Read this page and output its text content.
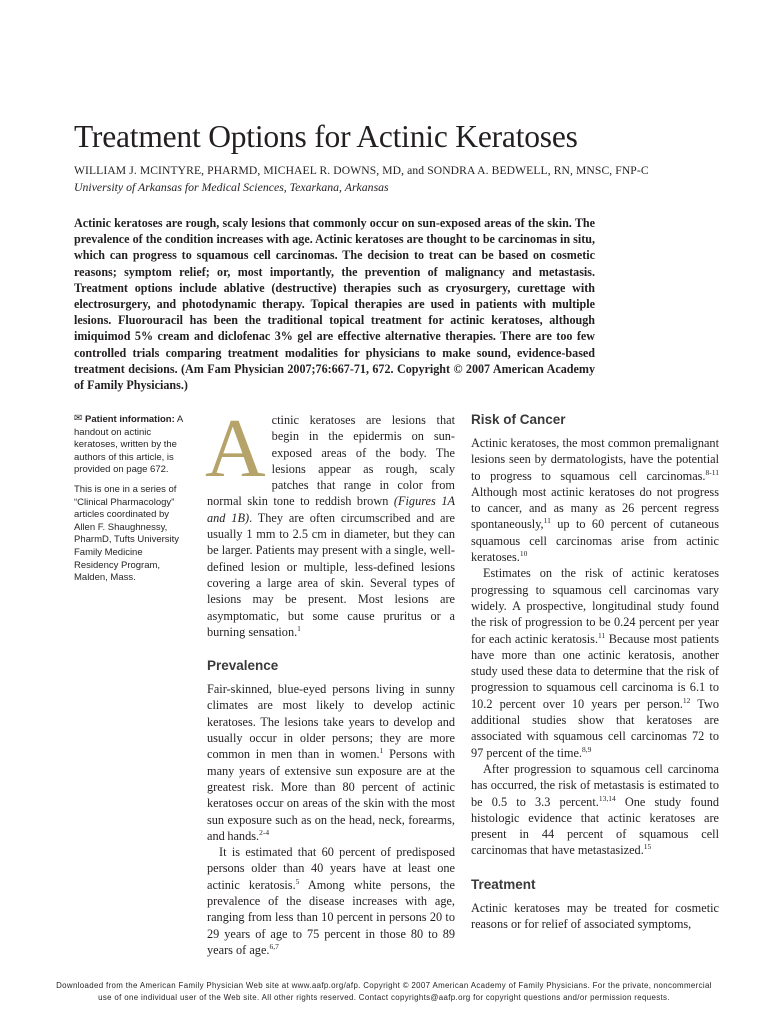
Treatment Options for Actinic Keratoses
WILLIAM J. MCINTYRE, PHARMD, MICHAEL R. DOWNS, MD, and SONDRA A. BEDWELL, RN, MNSC, FNP-C
University of Arkansas for Medical Sciences, Texarkana, Arkansas

Actinic keratoses are rough, scaly lesions that commonly occur on sun-exposed areas of the skin. The prevalence of the condition increases with age. Actinic keratoses are thought to be carcinomas in situ, which can progress to squamous cell carcinomas. The decision to treat can be based on cosmetic reasons; symptom relief; or, most importantly, the prevention of malignancy and metastasis. Treatment options include ablative (destructive) therapies such as cryosurgery, curettage with electrosurgery, and photodynamic therapy. Topical therapies are used in patients with multiple lesions. Fluorouracil has been the traditional topical treatment for actinic keratoses, although imiquimod 5% cream and diclofenac 3% gel are effective alternative therapies. There are too few controlled trials comparing treatment modalities for physicians to make sound, evidence-based treatment decisions. (Am Fam Physician 2007;76:667-71, 672. Copyright © 2007 American Academy of Family Physicians.)

✉ Patient information: A handout on actinic keratoses, written by the authors of this article, is provided on page 672.

This is one in a series of “Clinical Pharmacology” articles coordinated by Allen F. Shaughnessy, PharmD, Tufts University Family Medicine Residency Program, Malden, Mass.

Actinic keratoses are lesions that begin in the epidermis on sun-exposed areas of the body. The lesions appear as rough, scaly patches that range in color from normal skin tone to reddish brown (Figures 1A and 1B). They are often circumscribed and are usually 1 mm to 2.5 cm in diameter, but they can be larger. Patients may present with a single, well-defined lesion or multiple, less-defined lesions covering a large area of skin. Several types of lesions may be present. Most lesions are asymptomatic, but some cause pruritus or a burning sensation.$^1$

Prevalence

Fair-skinned, blue-eyed persons living in sunny climates are most likely to develop actinic keratoses. The lesions take years to develop and usually occur in older persons; they are more common in men than in women.$^1$ Persons with many years of extensive sun exposure are at the greatest risk. More than 80 percent of actinic keratoses occur on areas of the skin with the most sun exposure such as on the head, neck, forearms, and hands.$^{2-4}$

It is estimated that 60 percent of predisposed persons older than 40 years have at least one actinic keratosis.$^5$ Among white persons, the prevalence of the disease increases with age, ranging from less than 10 percent in persons 20 to 29 years of age to 75 percent in those 80 to 89 years of age.$^{6,7}$

Risk of Cancer

Actinic keratoses, the most common premalignant lesions seen by dermatologists, have the potential to progress to squamous cell carcinomas.$^{8-11}$ Although most actinic keratoses do not progress to cancer, and as many as 26 percent regress spontaneously,$^{11}$ up to 60 percent of cutaneous squamous cell carcinomas arise from actinic keratoses.$^{10}$

Estimates on the risk of actinic keratoses progressing to squamous cell carcinomas vary widely. A prospective, longitudinal study found the risk of progression to be 0.24 percent per year for each actinic keratosis.$^{11}$ Because most patients have more than one actinic keratosis, another study used these data to determine that the risk of progression to squamous cell carcinoma is 6.1 to 10.2 percent over 10 years per person.$^{12}$ Two additional studies show that keratoses are associated with squamous cell carcinomas 72 to 97 percent of the time.$^{8,9}$

After progression to squamous cell carcinoma has occurred, the risk of metastasis is estimated to be 0.5 to 3.3 percent.$^{13,14}$ One study found histologic evidence that actinic keratoses are present in 44 percent of squamous cell carcinomas that have metastasized.$^{15}$

Treatment

Actinic keratoses may be treated for cosmetic reasons or for relief of associated symptoms,

Downloaded from the American Family Physician Web site at www.aafp.org/afp. Copyright © 2007 American Academy of Family Physicians. For the private, noncommercial
use of one individual user of the Web site. All other rights reserved. Contact copyrights@aafp.org for copyright questions and/or permission requests.
